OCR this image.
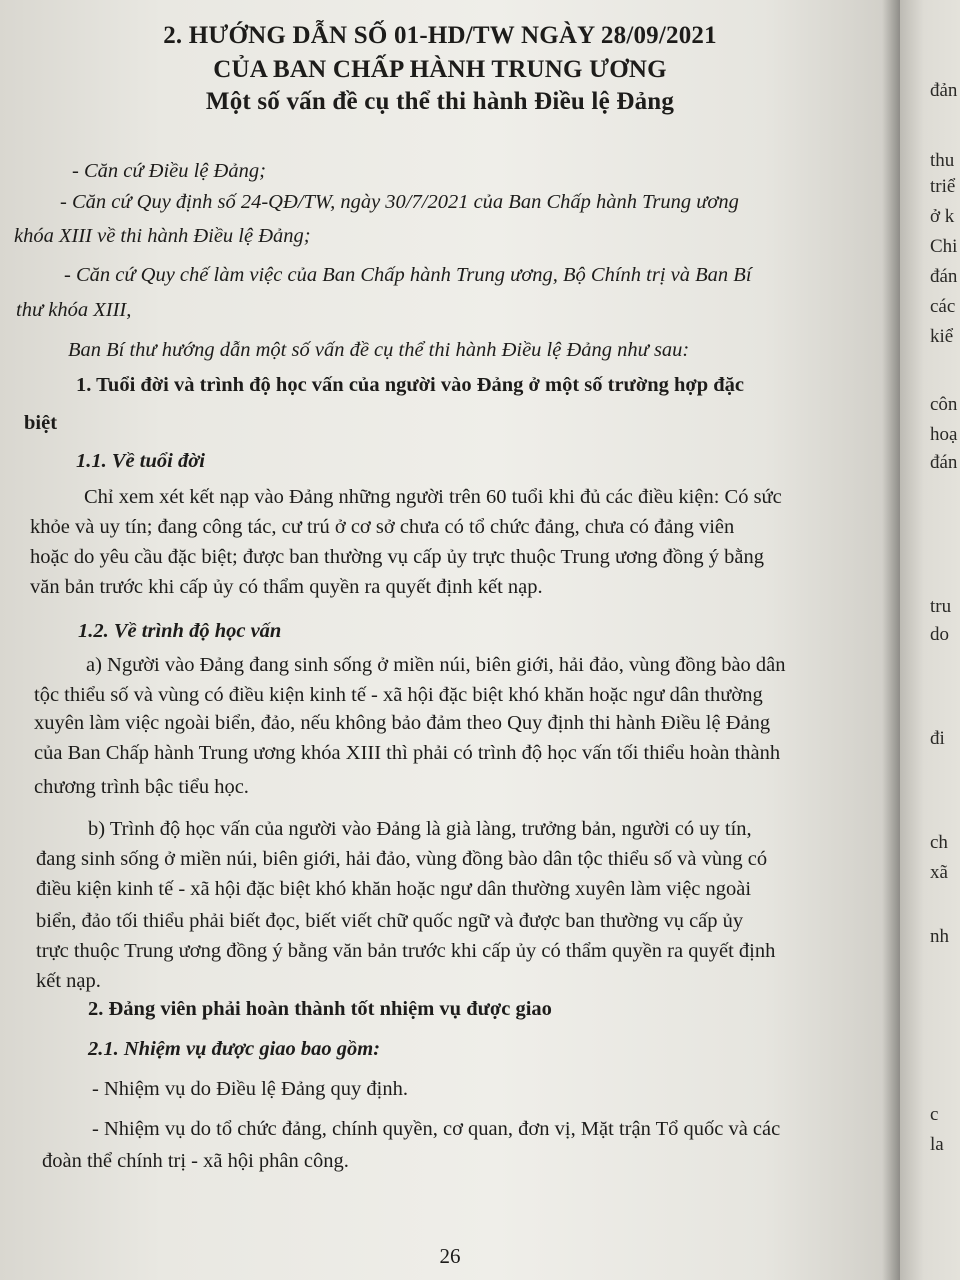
2. HƯỚNG DẪN SỐ 01-HD/TW NGÀY 28/09/2021
CỦA BAN CHẤP HÀNH TRUNG ƯƠNG
Một số vấn đề cụ thể thi hành Điều lệ Đảng

- Căn cứ Điều lệ Đảng;

- Căn cứ Quy định số 24-QĐ/TW, ngày 30/7/2021 của Ban Chấp hành Trung ương

khóa XIII về thi hành Điều lệ Đảng;

- Căn cứ Quy chế làm việc của Ban Chấp hành Trung ương, Bộ Chính trị và Ban Bí

thư khóa XIII,

Ban Bí thư hướng dẫn một số vấn đề cụ thể thi hành Điều lệ Đảng như sau:

1. Tuổi đời và trình độ học vấn của người vào Đảng ở một số trường hợp đặc

biệt

1.1. Về tuổi đời

Chỉ xem xét kết nạp vào Đảng những người trên 60 tuổi khi đủ các điều kiện: Có sức

khỏe và uy tín; đang công tác, cư trú ở cơ sở chưa có tổ chức đảng, chưa có đảng viên

hoặc do yêu cầu đặc biệt; được ban thường vụ cấp ủy trực thuộc Trung ương đồng ý bằng

văn bản trước khi cấp ủy có thẩm quyền ra quyết định kết nạp.

1.2. Về trình độ học vấn

a) Người vào Đảng đang sinh sống ở miền núi, biên giới, hải đảo, vùng đồng bào dân

tộc thiểu số và vùng có điều kiện kinh tế - xã hội đặc biệt khó khăn hoặc ngư dân thường

xuyên làm việc ngoài biển, đảo, nếu không bảo đảm theo Quy định thi hành Điều lệ Đảng

của Ban Chấp hành Trung ương khóa XIII thì phải có trình độ học vấn tối thiểu hoàn thành

chương trình bậc tiểu học.

b) Trình độ học vấn của người vào Đảng là già làng, trưởng bản, người có uy tín,

đang sinh sống ở miền núi, biên giới, hải đảo, vùng đồng bào dân tộc thiểu số và vùng có

điều kiện kinh tế - xã hội đặc biệt khó khăn hoặc ngư dân thường xuyên làm việc ngoài

biển, đảo tối thiểu phải biết đọc, biết viết chữ quốc ngữ và được ban thường vụ cấp ủy

trực thuộc Trung ương đồng ý bằng văn bản trước khi cấp ủy có thẩm quyền ra quyết định

kết nạp.

2. Đảng viên phải hoàn thành tốt nhiệm vụ được giao

2.1. Nhiệm vụ được giao bao gồm:

- Nhiệm vụ do Điều lệ Đảng quy định.

- Nhiệm vụ do tổ chức đảng, chính quyền, cơ quan, đơn vị, Mặt trận Tổ quốc và các

đoàn thể chính trị - xã hội phân công.

26
đản
thu
triể
ở k
Chi
đán
các
kiể
côn
hoạ
đán
tru
do
đi
ch
xã
nh
c
la
